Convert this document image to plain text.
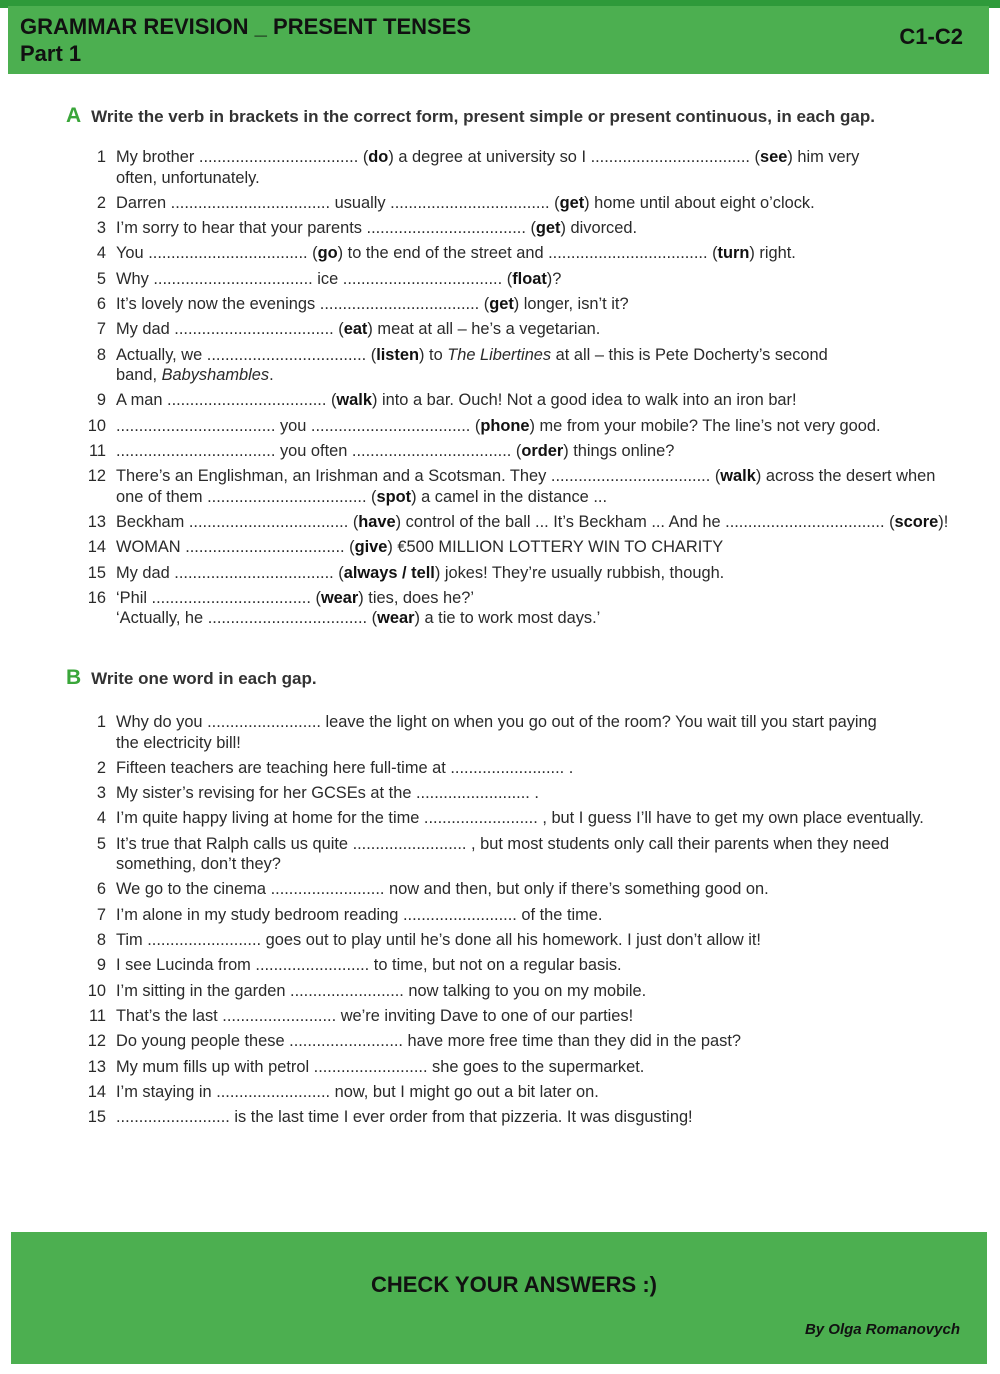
GRAMMAR REVISION _ PRESENT TENSES
Part 1
C1-C2
A Write the verb in brackets in the correct form, present simple or present continuous, in each gap.
1 My brother ................................... (do) a degree at university so I ................................... (see) him very
often, unfortunately.
2 Darren ................................... usually ................................... (get) home until about eight o’clock.
3 I’m sorry to hear that your parents ................................... (get) divorced.
4 You ................................... (go) to the end of the street and ................................... (turn) right.
5 Why ................................... ice ................................... (float)?
6 It’s lovely now the evenings ................................... (get) longer, isn’t it?
7 My dad ................................... (eat) meat at all – he’s a vegetarian.
8 Actually, we ................................... (listen) to The Libertines at all – this is Pete Docherty’s second
band, Babyshambles.
9 A man ................................... (walk) into a bar. Ouch! Not a good idea to walk into an iron bar!
10 ................................... you ................................... (phone) me from your mobile? The line’s not very good.
11 ................................... you often ................................... (order) things online?
12 There’s an Englishman, an Irishman and a Scotsman. They ................................... (walk) across the desert when
one of them ................................... (spot) a camel in the distance ...
13 Beckham ................................... (have) control of the ball ... It’s Beckham ... And he ................................... (score)!
14 WOMAN ................................... (give) €500 MILLION LOTTERY WIN TO CHARITY
15 My dad ................................... (always / tell) jokes! They’re usually rubbish, though.
16 ‘Phil ................................... (wear) ties, does he?’
‘Actually, he ................................... (wear) a tie to work most days.’
B Write one word in each gap.
1 Why do you ......................... leave the light on when you go out of the room? You wait till you start paying
the electricity bill!
2 Fifteen teachers are teaching here full-time at ......................... .
3 My sister’s revising for her GCSEs at the ......................... .
4 I’m quite happy living at home for the time ......................... , but I guess I’ll have to get my own place eventually.
5 It’s true that Ralph calls us quite ......................... , but most students only call their parents when they need
something, don’t they?
6 We go to the cinema ......................... now and then, but only if there’s something good on.
7 I’m alone in my study bedroom reading ......................... of the time.
8 Tim ......................... goes out to play until he’s done all his homework. I just don’t allow it!
9 I see Lucinda from ......................... to time, but not on a regular basis.
10 I’m sitting in the garden ......................... now talking to you on my mobile.
11 That’s the last ......................... we’re inviting Dave to one of our parties!
12 Do young people these ......................... have more free time than they did in the past?
13 My mum fills up with petrol ......................... she goes to the supermarket.
14 I’m staying in ......................... now, but I might go out a bit later on.
15 ......................... is the last time I ever order from that pizzeria. It was disgusting!
CHECK YOUR ANSWERS :)
By Olga Romanovych
